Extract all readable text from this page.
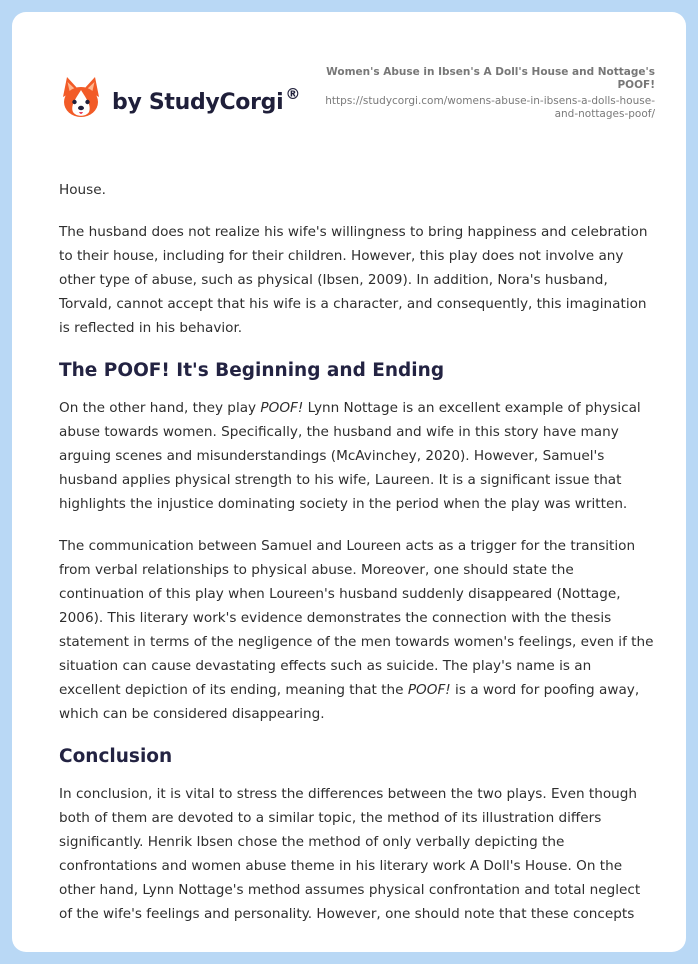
by StudyCorgi ®
Women's Abuse in Ibsen's A Doll's House and Nottage's POOF!
https://studycorgi.com/womens-abuse-in-ibsens-a-dolls-house-and-nottages-poof/

House.

The husband does not realize his wife's willingness to bring happiness and celebration to their house, including for their children. However, this play does not involve any other type of abuse, such as physical (Ibsen, 2009). In addition, Nora's husband, Torvald, cannot accept that his wife is a character, and consequently, this imagination is reflected in his behavior.

The POOF! It's Beginning and Ending

On the other hand, they play POOF! Lynn Nottage is an excellent example of physical abuse towards women. Specifically, the husband and wife in this story have many arguing scenes and misunderstandings (McAvinchey, 2020). However, Samuel's husband applies physical strength to his wife, Laureen. It is a significant issue that highlights the injustice dominating society in the period when the play was written.

The communication between Samuel and Loureen acts as a trigger for the transition from verbal relationships to physical abuse. Moreover, one should state the continuation of this play when Loureen's husband suddenly disappeared (Nottage, 2006). This literary work's evidence demonstrates the connection with the thesis statement in terms of the negligence of the men towards women's feelings, even if the situation can cause devastating effects such as suicide. The play's name is an excellent depiction of its ending, meaning that the POOF! is a word for poofing away, which can be considered disappearing.

Conclusion

In conclusion, it is vital to stress the differences between the two plays. Even though both of them are devoted to a similar topic, the method of its illustration differs significantly. Henrik Ibsen chose the method of only verbally depicting the confrontations and women abuse theme in his literary work A Doll's House. On the other hand, Lynn Nottage's method assumes physical confrontation and total neglect of the wife's feelings and personality. However, one should note that these concepts
